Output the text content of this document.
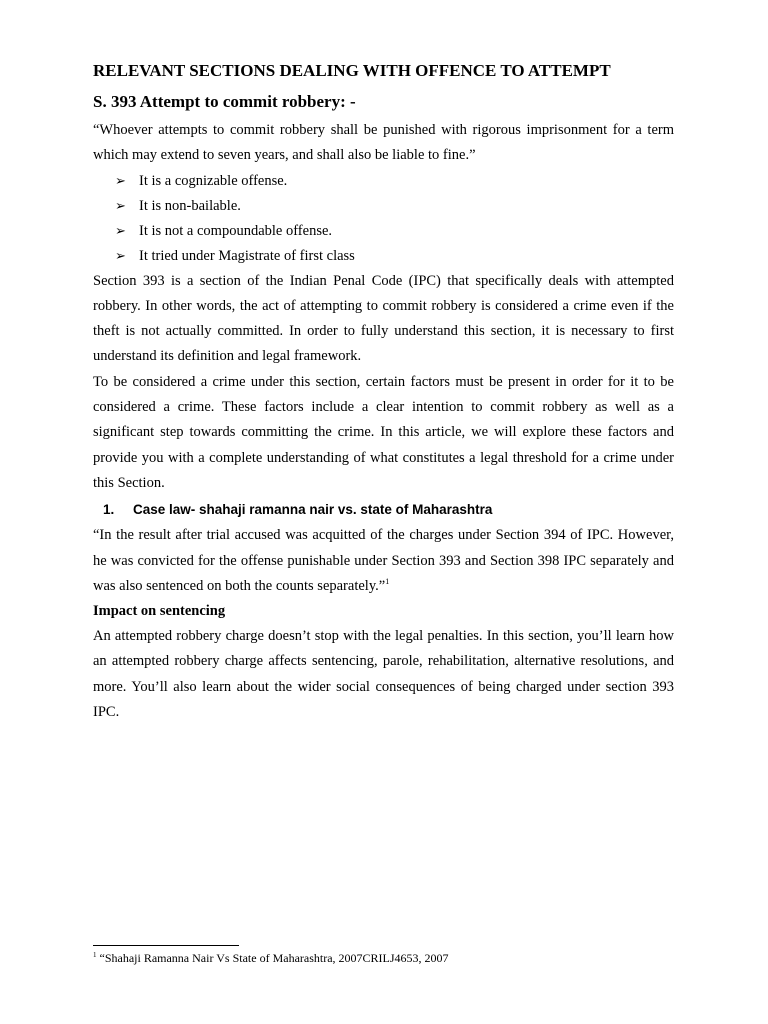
RELEVANT SECTIONS DEALING WITH OFFENCE TO ATTEMPT
S. 393 Attempt to commit robbery: -

“Whoever attempts to commit robbery shall be punished with rigorous imprisonment for a term which may extend to seven years, and shall also be liable to fine.”

➢ It is a cognizable offense.
➢ It is non-bailable.
➢ It is not a compoundable offense.
➢ It tried under Magistrate of first class

Section 393 is a section of the Indian Penal Code (IPC) that specifically deals with attempted robbery. In other words, the act of attempting to commit robbery is considered a crime even if the theft is not actually committed. In order to fully understand this section, it is necessary to first understand its definition and legal framework.

To be considered a crime under this section, certain factors must be present in order for it to be considered a crime. These factors include a clear intention to commit robbery as well as a significant step towards committing the crime. In this article, we will explore these factors and provide you with a complete understanding of what constitutes a legal threshold for a crime under this Section.

1. Case law- shahaji ramanna nair vs. state of Maharashtra

“In the result after trial accused was acquitted of the charges under Section 394 of IPC. However, he was convicted for the offense punishable under Section 393 and Section 398 IPC separately and was also sentenced on both the counts separately.”$^1$

Impact on sentencing

An attempted robbery charge doesn’t stop with the legal penalties. In this section, you’ll learn how an attempted robbery charge affects sentencing, parole, rehabilitation, alternative resolutions, and more. You’ll also learn about the wider social consequences of being charged under section 393 IPC.

$^1$ “Shahaji Ramanna Nair Vs State of Maharashtra, 2007CRILJ4653, 2007
